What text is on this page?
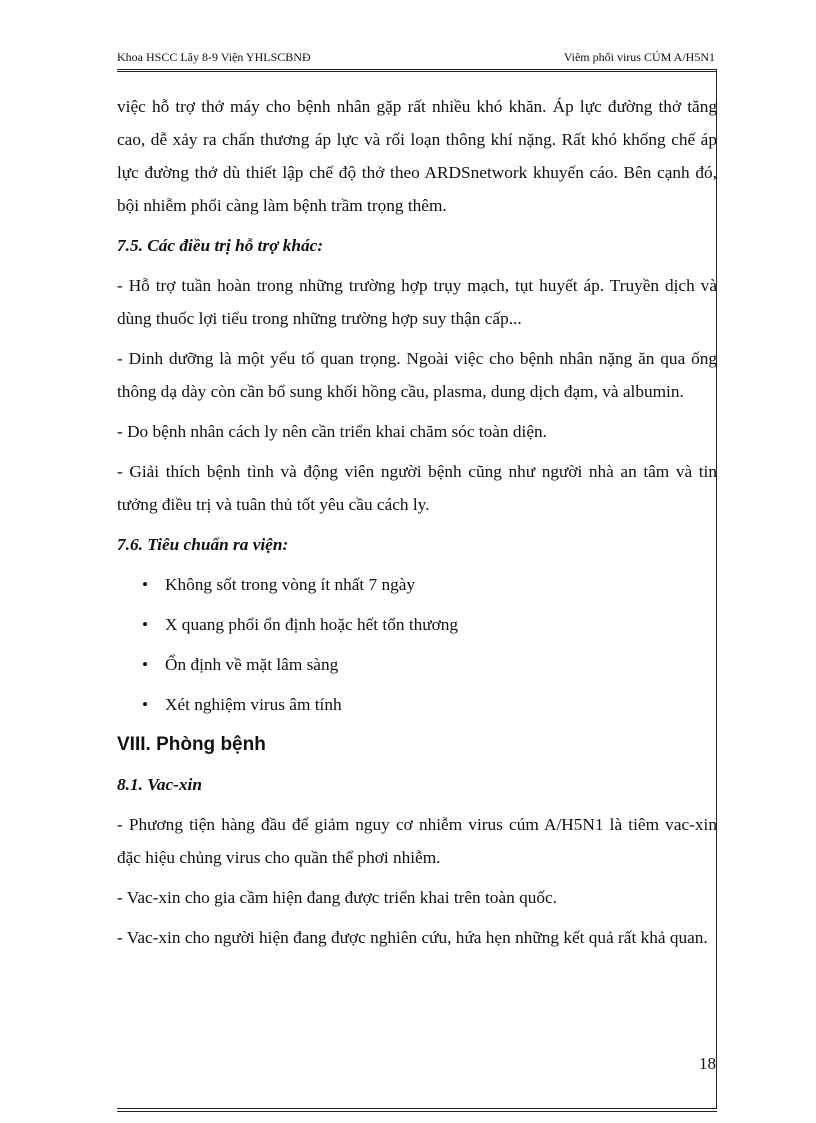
Khoa HSCC Lây 8-9 Viện YHLSCBNĐ	Viêm phổi virus CÚM A/H5N1

việc hỗ trợ thở máy cho bệnh nhân gặp rất nhiều khó khăn. Áp lực đường thở tăng cao, dễ xảy ra chấn thương áp lực và rối loạn thông khí nặng. Rất khó khống chế áp lực đường thở dù thiết lập chế độ thở theo ARDSnetwork khuyến cáo. Bên cạnh đó, bội nhiễm phổi càng làm bệnh trầm trọng thêm.

7.5. Các điều trị hỗ trợ khác:

- Hỗ trợ tuần hoàn trong những trường hợp trụy mạch, tụt huyết áp. Truyền dịch và dùng thuốc lợi tiểu trong những trường hợp suy thận cấp...

- Dinh dưỡng là một yếu tố quan trọng. Ngoài việc cho bệnh nhân nặng ăn qua ống thông dạ dày còn cần bổ sung khối hồng cầu, plasma, dung dịch đạm, và albumin.

- Do bệnh nhân cách ly nên cần triển khai chăm sóc toàn diện.

- Giải thích bệnh tình và động viên người bệnh cũng như người nhà an tâm và tin tưởng điều trị và tuân thủ tốt yêu cầu cách ly.

7.6. Tiêu chuẩn ra viện:
• Không sốt trong vòng ít nhất 7 ngày
• X quang phổi ổn định hoặc hết tổn thương
• Ổn định về mặt lâm sàng
• Xét nghiệm virus âm tính
VIII. Phòng bệnh
8.1. Vac-xin

- Phương tiện hàng đầu để giảm nguy cơ nhiễm virus cúm A/H5N1 là tiêm vac-xin đặc hiệu chủng virus cho quần thể phơi nhiễm.

- Vac-xin cho gia cầm hiện đang được triển khai trên toàn quốc.

- Vac-xin cho người hiện đang được nghiên cứu, hứa hẹn những kết quả rất khả quan.

18
